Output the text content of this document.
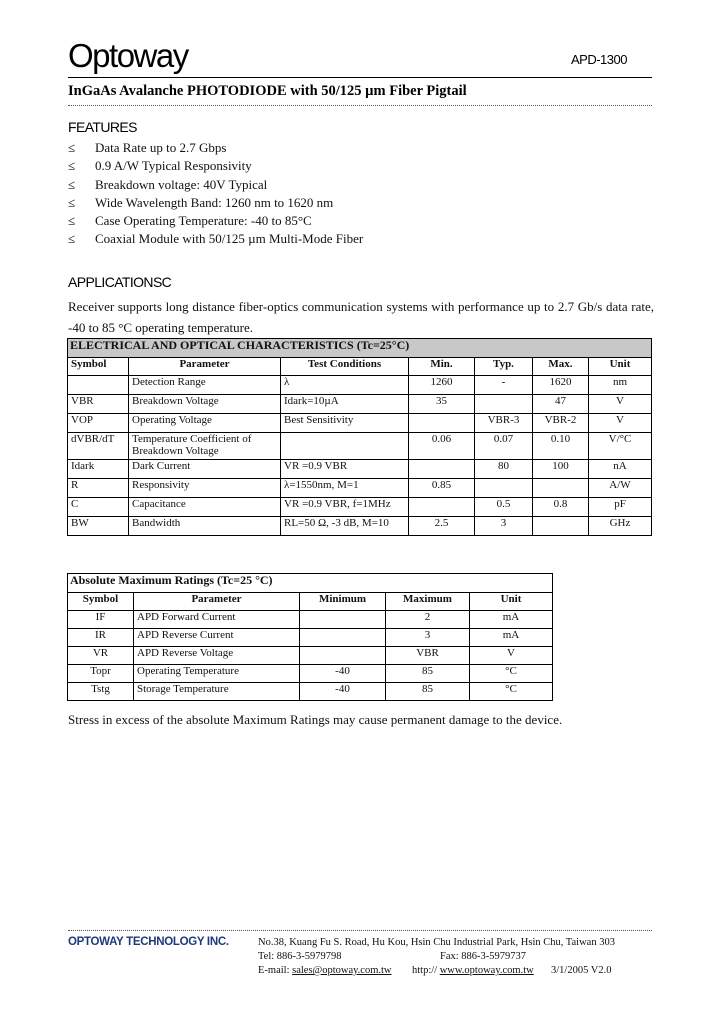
Optoway	APD-1300
InGaAs Avalanche PHOTODIODE with 50/125 µm Fiber Pigtail
FEATURES
≤ Data Rate up to 2.7 Gbps
≤ 0.9 A/W Typical Responsivity
≤ Breakdown voltage: 40V Typical
≤ Wide Wavelength Band: 1260 nm to 1620 nm
≤ Case Operating Temperature: -40 to 85°C
≤ Coaxial Module with 50/125 µm Multi-Mode Fiber
APPLICATIONSC
Receiver supports long distance fiber-optics communication systems with performance up to 2.7 Gb/s data rate, -40 to 85 °C operating temperature.
ELECTRICAL AND OPTICAL CHARACTERISTICS (Tc=25°C)						
Symbol	Parameter	Test Conditions	Min.	Typ.	Max.	Unit
	Detection Range	λ	1260	-	1620	nm
VBR	Breakdown Voltage	Idark=10µA	35		47	V
VOP	Operating Voltage	Best Sensitivity		VBR-3	VBR-2	V
dVBR/dT	Temperature Coefficient of Breakdown Voltage		0.06	0.07	0.10	V/°C
Idark	Dark Current	VR =0.9 VBR		80	100	nA
R	Responsivity	λ=1550nm, M=1	0.85			A/W
C	Capacitance	VR =0.9 VBR, f=1MHz		0.5	0.8	pF
BW	Bandwidth	RL=50 Ω, -3 dB, M=10	2.5	3		GHz
Absolute Maximum Ratings (Tc=25 °C)				
Symbol	Parameter	Minimum	Maximum	Unit
IF	APD Forward Current		2	mA
IR	APD Reverse Current		3	mA
VR	APD Reverse Voltage		VBR	V
Topr	Operating Temperature	-40	85	°C
Tstg	Storage Temperature	-40	85	°C
Stress in excess of the absolute Maximum Ratings may cause permanent damage to the device.
OPTOWAY TECHNOLOGY INC.	No.38, Kuang Fu S. Road, Hu Kou, Hsin Chu Industrial Park, Hsin Chu, Taiwan 303
Tel: 886-3-5979798	Fax: 886-3-5979737
E-mail: sales@optoway.com.tw http:// www.optoway.com.tw 3/1/2005 V2.0
